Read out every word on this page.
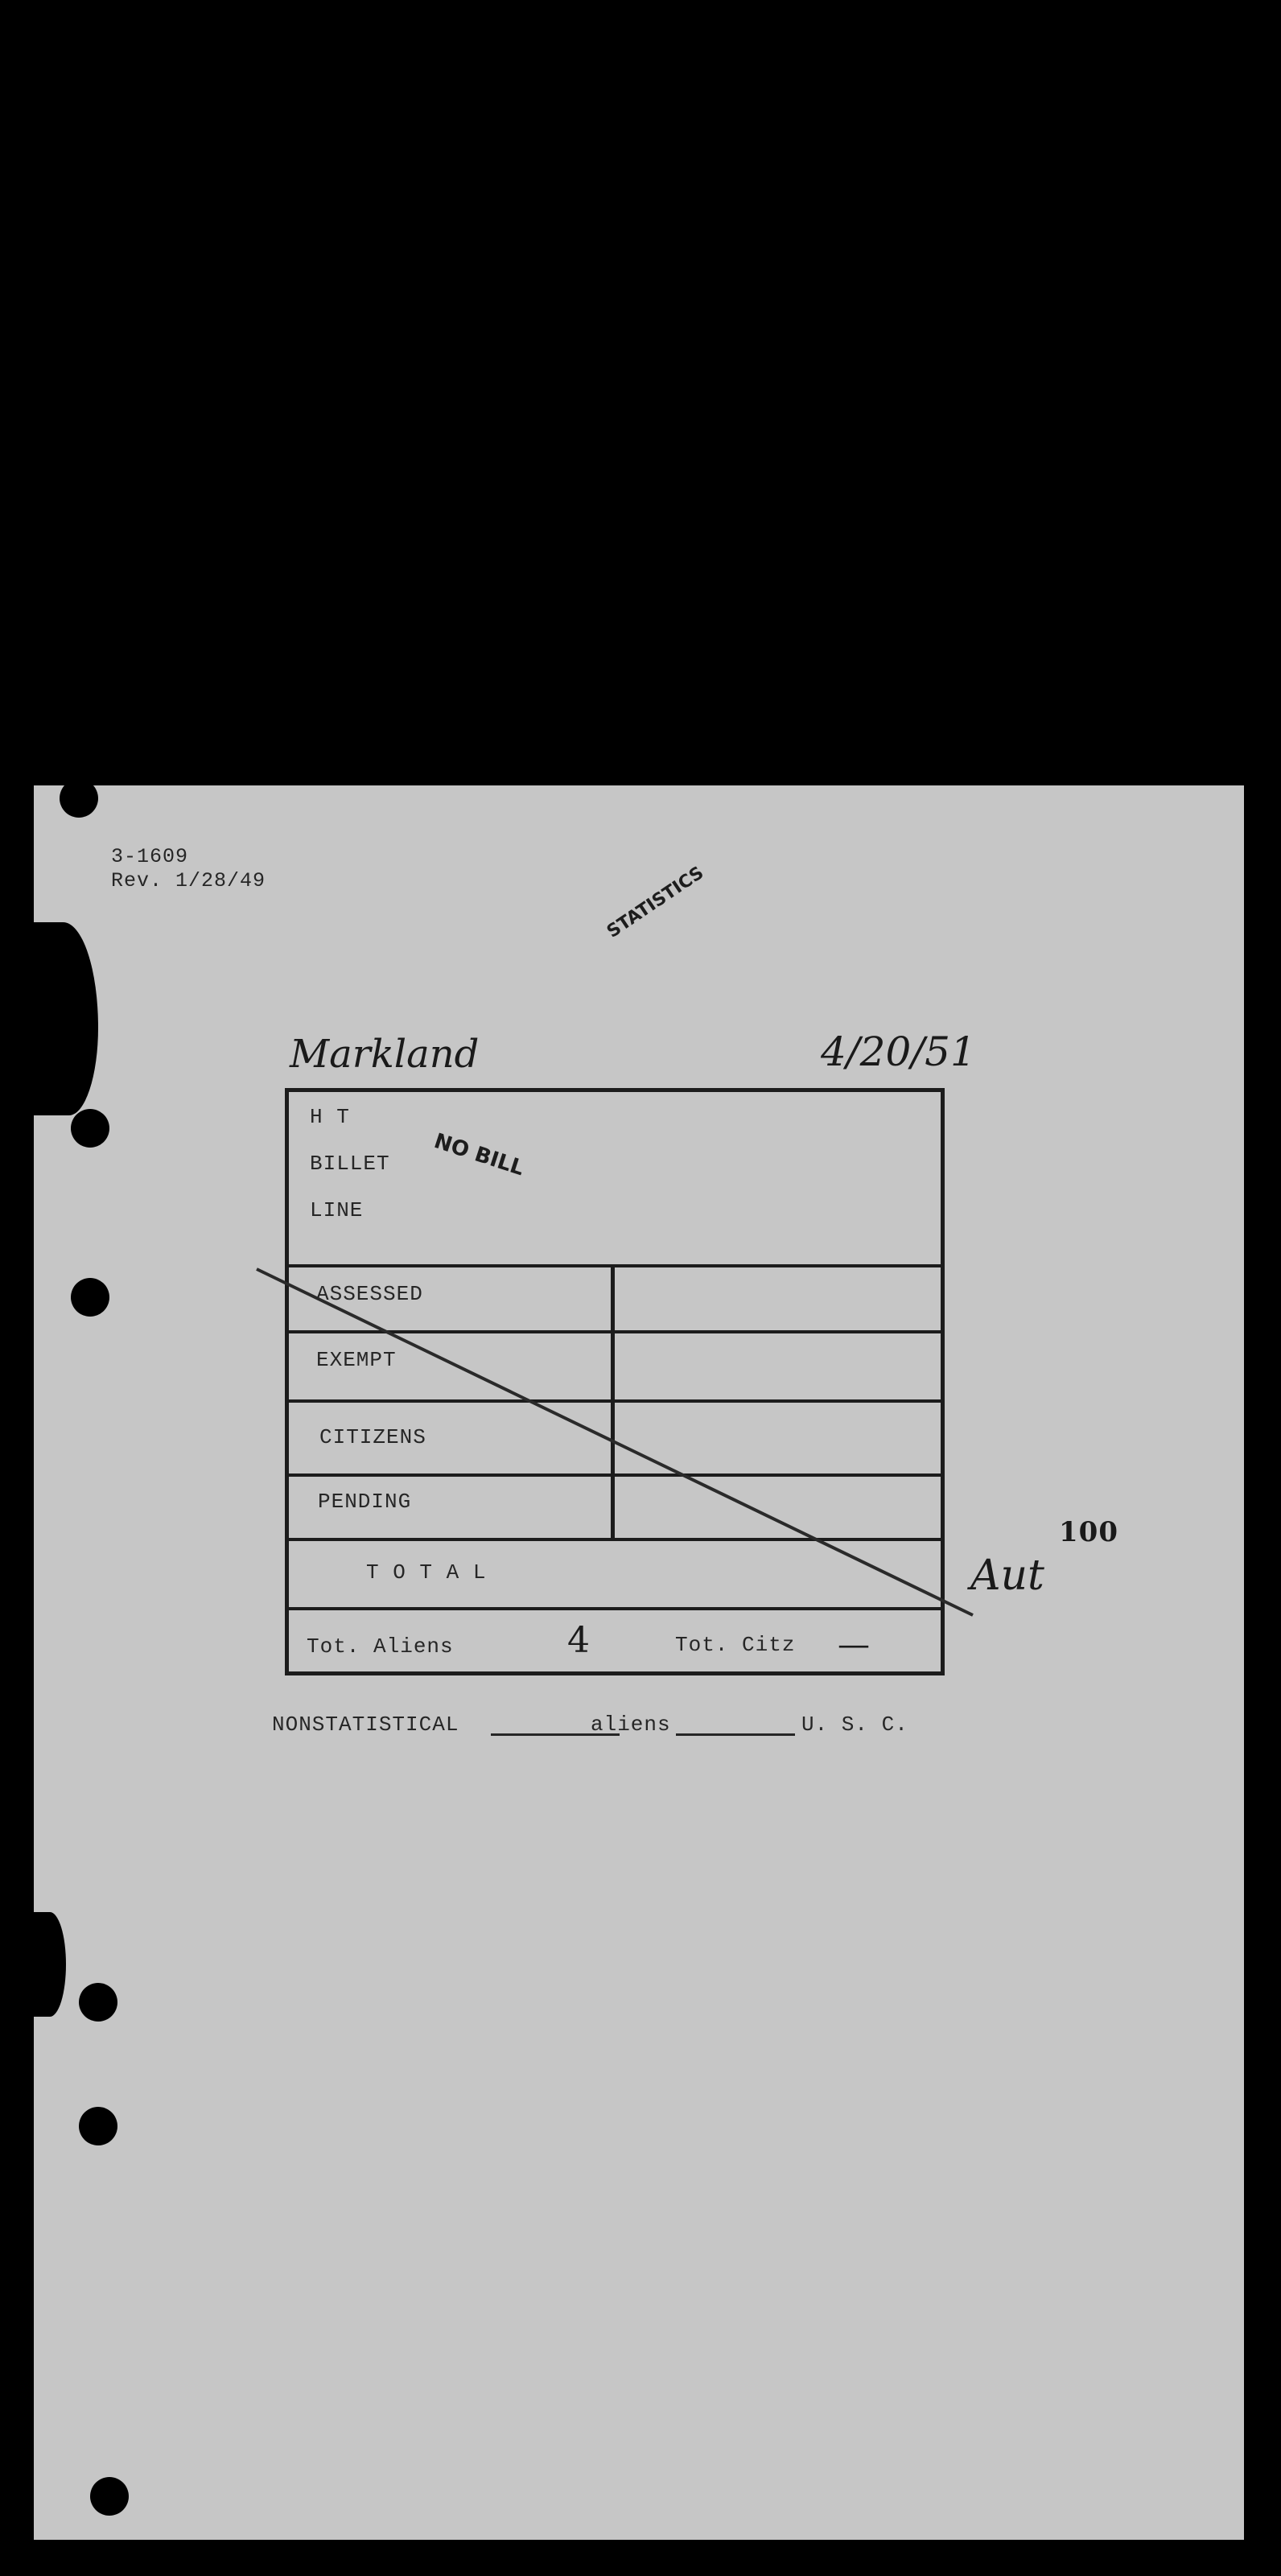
3-1609
Rev. 1/28/49	STATISTICS
Markland	4/20/51
H T
BILLET
LINE
NO BILL
ASSESSED
EXEMPT
CITIZENS
PENDING
T O T A L
Tot. Aliens	4	Tot. Citz —
100
Aut
NONSTATISTICAL	aliens	U. S. C.
